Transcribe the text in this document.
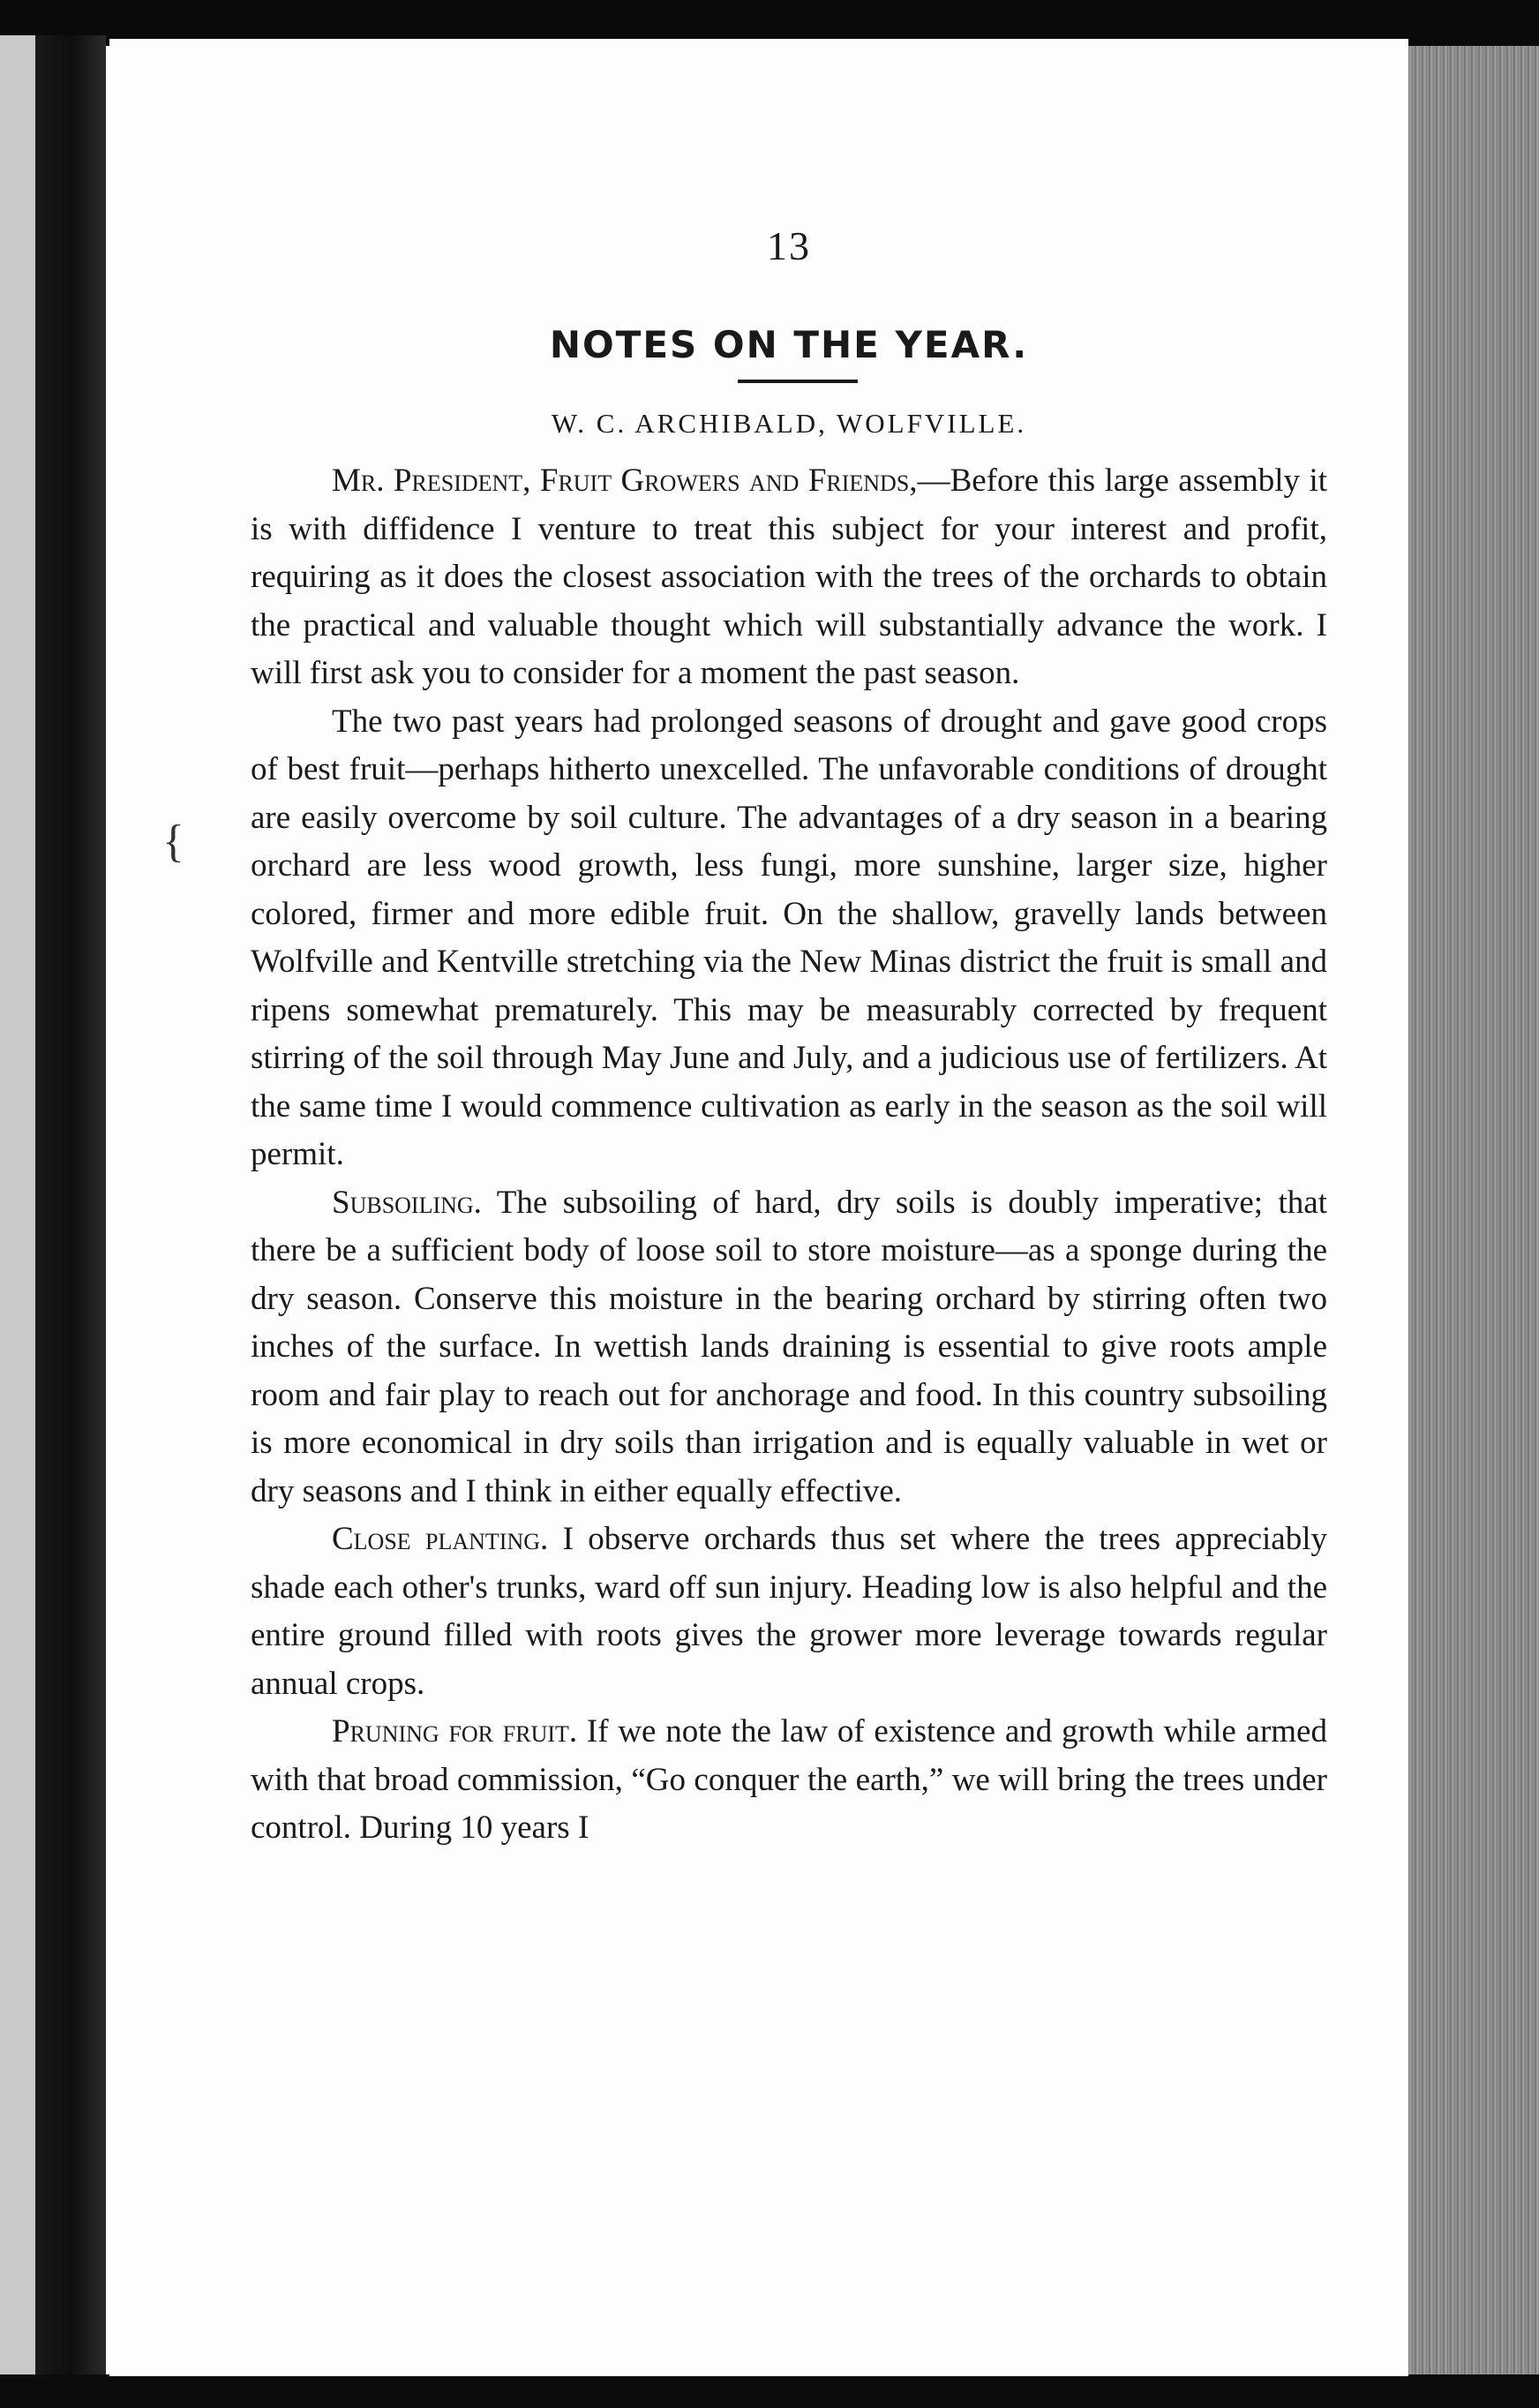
{
13
NOTES ON THE YEAR.
W. C. ARCHIBALD, WOLFVILLE.

Mr. President, Fruit Growers and Friends,—Before this large assembly it is with diffidence I venture to treat this subject for your interest and profit, requiring as it does the closest association with the trees of the orchards to obtain the practical and valuable thought which will substantially advance the work. I will first ask you to consider for a moment the past season.

The two past years had prolonged seasons of drought and gave good crops of best fruit—perhaps hitherto unexcelled. The unfavorable conditions of drought are easily overcome by soil culture. The advantages of a dry season in a bearing orchard are less wood growth, less fungi, more sunshine, larger size, higher colored, firmer and more edible fruit. On the shallow, gravelly lands between Wolfville and Kentville stretching via the New Minas district the fruit is small and ripens somewhat prematurely. This may be measurably corrected by frequent stirring of the soil through May June and July, and a judicious use of fertilizers. At the same time I would commence cultivation as early in the season as the soil will permit.

Subsoiling. The subsoiling of hard, dry soils is doubly imperative; that there be a sufficient body of loose soil to store moisture—as a sponge during the dry season. Conserve this moisture in the bearing orchard by stirring often two inches of the surface. In wettish lands draining is essential to give roots ample room and fair play to reach out for anchorage and food. In this country subsoiling is more economical in dry soils than irrigation and is equally valuable in wet or dry seasons and I think in either equally effective.

Close planting. I observe orchards thus set where the trees appreciably shade each other's trunks, ward off sun injury. Heading low is also helpful and the entire ground filled with roots gives the grower more leverage towards regular annual crops.

Pruning for fruit. If we note the law of existence and growth while armed with that broad commission, “Go conquer the earth,” we will bring the trees under control. During 10 years I
